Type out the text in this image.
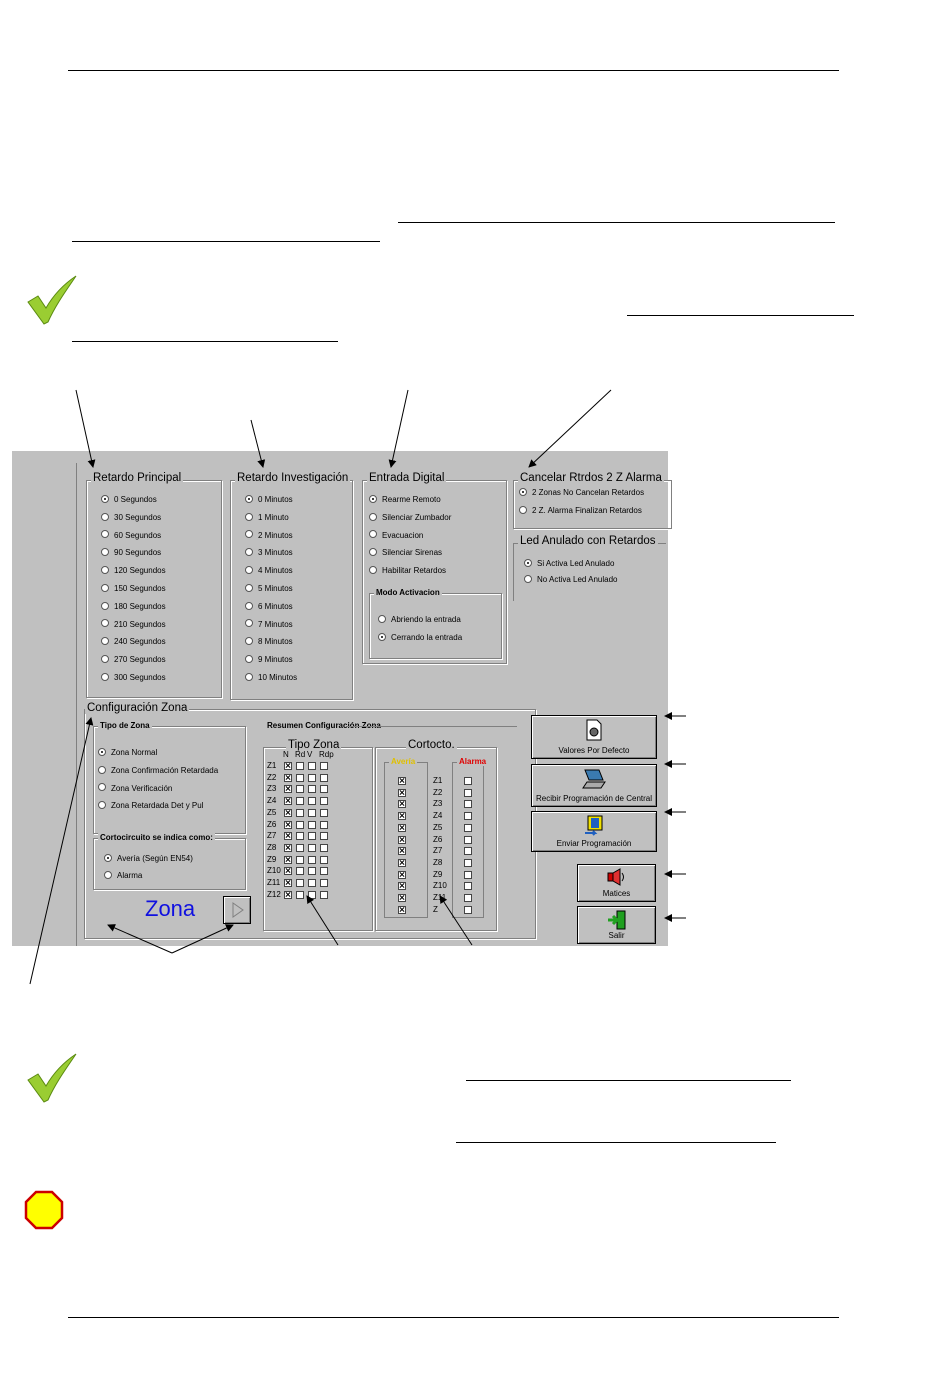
Retardo Principal
0 Segundos
30 Segundos
60 Segundos
90 Segundos
120 Segundos
150 Segundos
180 Segundos
210 Segundos
240 Segundos
270 Segundos
300 Segundos
Retardo Investigación
0 Minutos
1 Minuto
2 Minutos
3 Minutos
4 Minutos
5 Minutos
6 Minutos
7 Minutos
8 Minutos
9 Minutos
10 Minutos
Entrada Digital
Rearme Remoto
Silenciar Zumbador
Evacuacion
Silenciar Sirenas
Habilitar Retardos
Modo Activacion
Abriendo la entrada
Cerrando la entrada
Cancelar Rtrdos 2 Z Alarma
2 Zonas No Cancelan Retardos
2 Z. Alarma Finalizan Retardos
Led Anulado con Retardos
Si Activa Led Anulado
No Activa Led Anulado
Configuración Zona
Tipo de Zona
Zona Normal
Zona Confirmación Retardada
Zona Verificación
Zona Retardada Det y Pul
Cortocircuito se indica como:
Avería (Según EN54)
Alarma
Zona
Resumen Configuración Zona
Tipo Zona
N Rd V Rdp
Z1
Z2
Z3
Z4
Z5
Z6
Z7
Z8
Z9
Z10
Z11
Z12
Cortocto.
Avería	Alarma
Z1
Z2
Z3
Z4
Z5
Z6
Z7
Z8
Z9
Z10
Z11
Z
Valores Por Defecto
Recibir Programación de Central
Enviar Programación
Matices
Salir
